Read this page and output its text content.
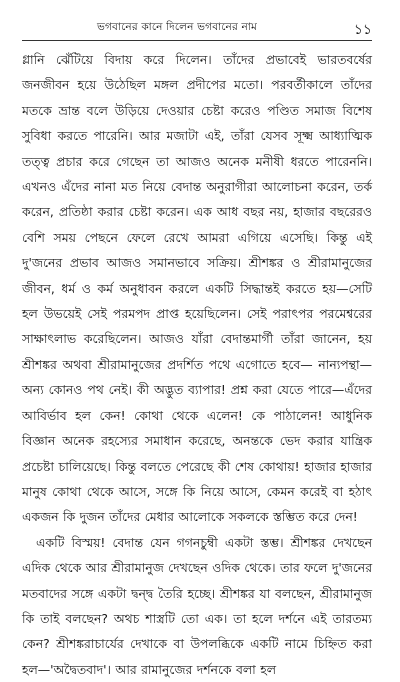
ভগবানের কানে দিলেন ভগবানের নাম	১১

গ্লানি ঝেঁটিয়ে বিদায় করে দিলেন। তাঁদের প্রভাবেই ভারতবর্ষের জনজীবন হয়ে উঠেছিল মঙ্গল প্রদীপের মতো। পরবর্তীকালে তাঁদের মতকে ভ্রান্ত বলে উড়িয়ে দেওয়ার চেষ্টা করেও পণ্ডিত সমাজ বিশেষ সুবিধা করতে পারেনি। আর মজাটা এই, তাঁরা যেসব সূক্ষ্ম আধ্যাত্মিক তত্ত্ব প্রচার করে গেছেন তা আজও অনেক মনীষী ধরতে পারেননি। এখনও এঁদের নানা মত নিয়ে বেদান্ত অনুরাগীরা আলোচনা করেন, তর্ক করেন, প্রতিষ্ঠা করার চেষ্টা করেন। এক আধ বছর নয়, হাজার বছরেরও বেশি সময় পেছনে ফেলে রেখে আমরা এগিয়ে এসেছি। কিন্তু এই দু'জনের প্রভাব আজও সমানভাবে সক্রিয়। শ্রীশঙ্কর ও শ্রীরামানুজের জীবন, ধর্ম ও কর্ম অনুধাবন করলে একটি সিদ্ধান্তই করতে হয়—সেটি হল উভয়েই সেই পরমপদ প্রাপ্ত হয়েছিলেন। সেই পরাৎপর পরমেশ্বরের সাক্ষাৎলাভ করেছিলেন। আজও যাঁরা বেদান্তমার্গী তাঁরা জানেন, হয় শ্রীশঙ্কর অথবা শ্রীরামানুজের প্রদর্শিত পথে এগোতে হবে— নান্যপন্থা—অন্য কোনও পথ নেই। কী অদ্ভুত ব্যাপার! প্রশ্ন করা যেতে পারে—এঁদের আবির্ভাব হল কেন! কোথা থেকে এলেন! কে পাঠালেন! আধুনিক বিজ্ঞান অনেক রহস্যের সমাধান করেছে, অনন্তকে ভেদ করার যান্ত্রিক প্রচেষ্টা চালিয়েছে। কিন্তু বলতে পেরেছে কী শেষ কোথায়! হাজার হাজার মানুষ কোথা থেকে আসে, সঙ্গে কি নিয়ে আসে, কেমন করেই বা হঠাৎ একজন কি দুজন তাঁদের মেধার আলোকে সকলকে স্তম্ভিত করে দেন!

একটি বিস্ময়! বেদান্ত যেন গগনচুম্বী একটা স্তম্ভ। শ্রীশঙ্কর দেখছেন এদিক থেকে আর শ্রীরামানুজ দেখছেন ওদিক থেকে। তার ফলে দু'জনের মতবাদের সঙ্গে একটা দ্বন্দ্ব তৈরি হচ্ছে। শ্রীশঙ্কর যা বলছেন, শ্রীরামানুজ কি তাই বলছেন? অথচ শাস্ত্রটি তো এক। তা হলে দর্শনে এই তারতম্য কেন? শ্রীশঙ্করাচার্যের দেখাকে বা উপলব্ধিকে একটি নামে চিহ্নিত করা হল—'অদ্বৈতবাদ'। আর রামানুজের দর্শনকে বলা হল
